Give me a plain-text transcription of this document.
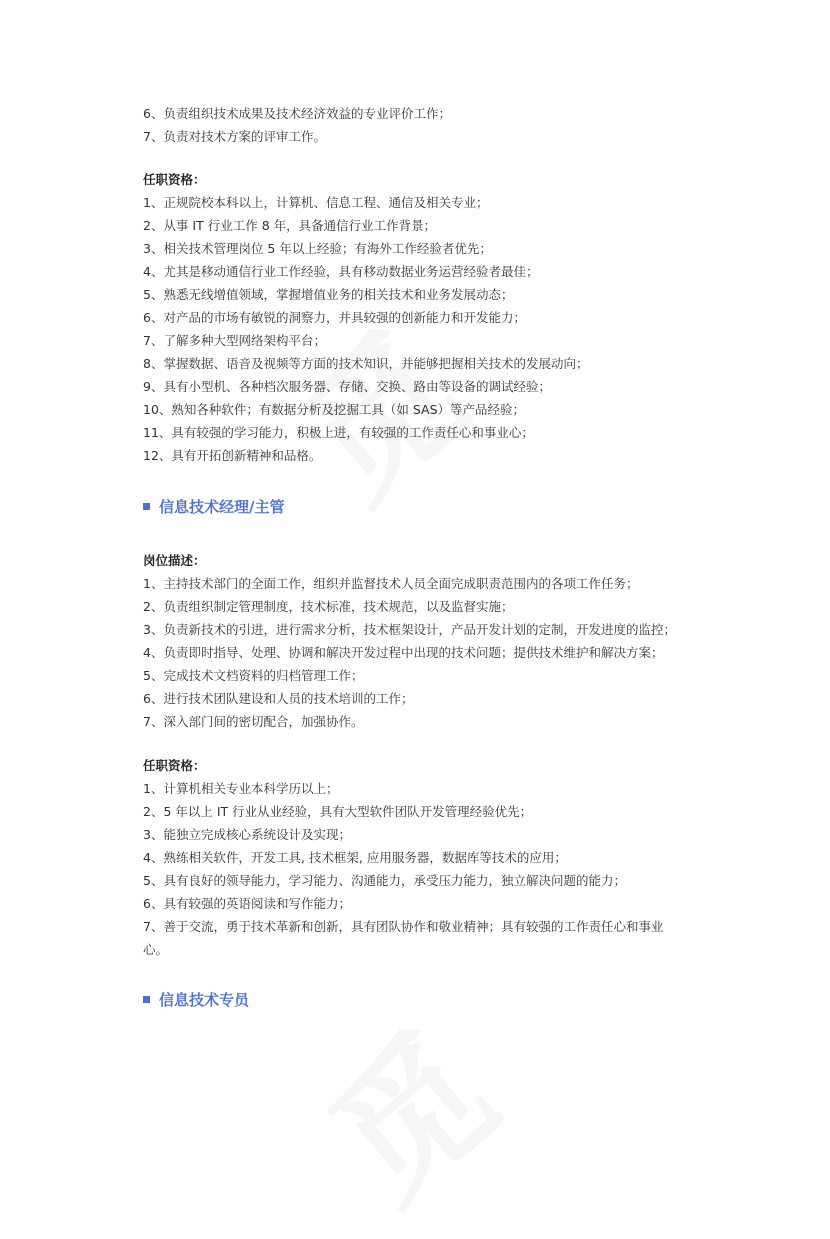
6、负责组织技术成果及技术经济效益的专业评价工作；
7、负责对技术方案的评审工作。
任职资格：
1、正规院校本科以上，计算机、信息工程、通信及相关专业；
2、从事 IT 行业工作 8 年，具备通信行业工作背景；
3、相关技术管理岗位 5 年以上经验；有海外工作经验者优先；
4、尤其是移动通信行业工作经验，具有移动数据业务运营经验者最佳；
5、熟悉无线增值领域，掌握增值业务的相关技术和业务发展动态；
6、对产品的市场有敏锐的洞察力，并具较强的创新能力和开发能力；
7、了解多种大型网络架构平台；
8、掌握数据、语音及视频等方面的技术知识，并能够把握相关技术的发展动向；
9、具有小型机、各种档次服务器、存储、交换、路由等设备的调试经验；
10、熟知各种软件；有数据分析及挖掘工具（如 SAS）等产品经验；
11、具有较强的学习能力，积极上进，有较强的工作责任心和事业心；
12、具有开拓创新精神和品格。
信息技术经理/主管
岗位描述：
1、主持技术部门的全面工作，组织并监督技术人员全面完成职责范围内的各项工作任务；
2、负责组织制定管理制度，技术标准，技术规范，以及监督实施；
3、负责新技术的引进，进行需求分析，技术框架设计，产品开发计划的定制，开发进度的监控；
4、负责即时指导、处理、协调和解决开发过程中出现的技术问题；提供技术维护和解决方案；
5、完成技术文档资料的归档管理工作；
6、进行技术团队建设和人员的技术培训的工作；
7、深入部门间的密切配合，加强协作。
任职资格：
1、计算机相关专业本科学历以上；
2、5 年以上 IT 行业从业经验，具有大型软件团队开发管理经验优先；
3、能独立完成核心系统设计及实现；
4、熟练相关软件，开发工具, 技术框架, 应用服务器，数据库等技术的应用；
5、具有良好的领导能力，学习能力、沟通能力，承受压力能力，独立解决问题的能力；
6、具有较强的英语阅读和写作能力；
7、善于交流，勇于技术革新和创新，具有团队协作和敬业精神；具有较强的工作责任心和事业心。
信息技术专员
